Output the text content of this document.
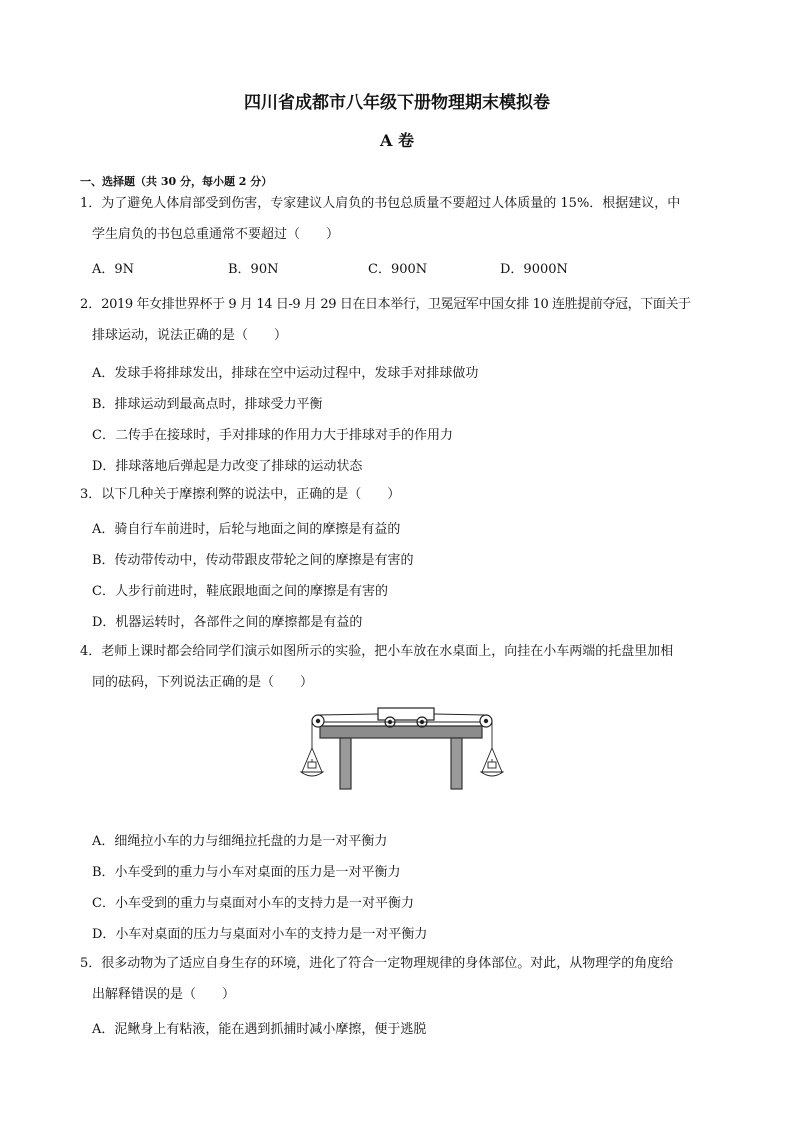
四川省成都市八年级下册物理期末模拟卷
A 卷
一、选择题（共 30 分，每小题 2 分）
1．为了避免人体肩部受到伤害，专家建议人肩负的书包总质量不要超过人体质量的 15%．根据建议，中
学生肩负的书包总重通常不要超过（　　）
A．9N	B．90N	C．900N	D．9000N
2．2019 年女排世界杯于 9 月 14 日-9 月 29 日在日本举行，卫冕冠军中国女排 10 连胜提前夺冠，下面关于
排球运动，说法正确的是（　　）
A．发球手将排球发出，排球在空中运动过程中，发球手对排球做功
B．排球运动到最高点时，排球受力平衡
C．二传手在接球时，手对排球的作用力大于排球对手的作用力
D．排球落地后弹起是力改变了排球的运动状态
3．以下几种关于摩擦利弊的说法中，正确的是（　　）
A．骑自行车前进时，后轮与地面之间的摩擦是有益的
B．传动带传动中，传动带跟皮带轮之间的摩擦是有害的
C．人步行前进时，鞋底跟地面之间的摩擦是有害的
D．机器运转时，各部件之间的摩擦都是有益的
4．老师上课时都会给同学们演示如图所示的实验，把小车放在水桌面上，向挂在小车两端的托盘里加相
同的砝码，下列说法正确的是（　　）
A．细绳拉小车的力与细绳拉托盘的力是一对平衡力
B．小车受到的重力与小车对桌面的压力是一对平衡力
C．小车受到的重力与桌面对小车的支持力是一对平衡力
D．小车对桌面的压力与桌面对小车的支持力是一对平衡力
5．很多动物为了适应自身生存的环境，进化了符合一定物理规律的身体部位。对此，从物理学的角度给
出解释错误的是（　　）
A．泥鳅身上有粘液，能在遇到抓捕时减小摩擦，便于逃脱
